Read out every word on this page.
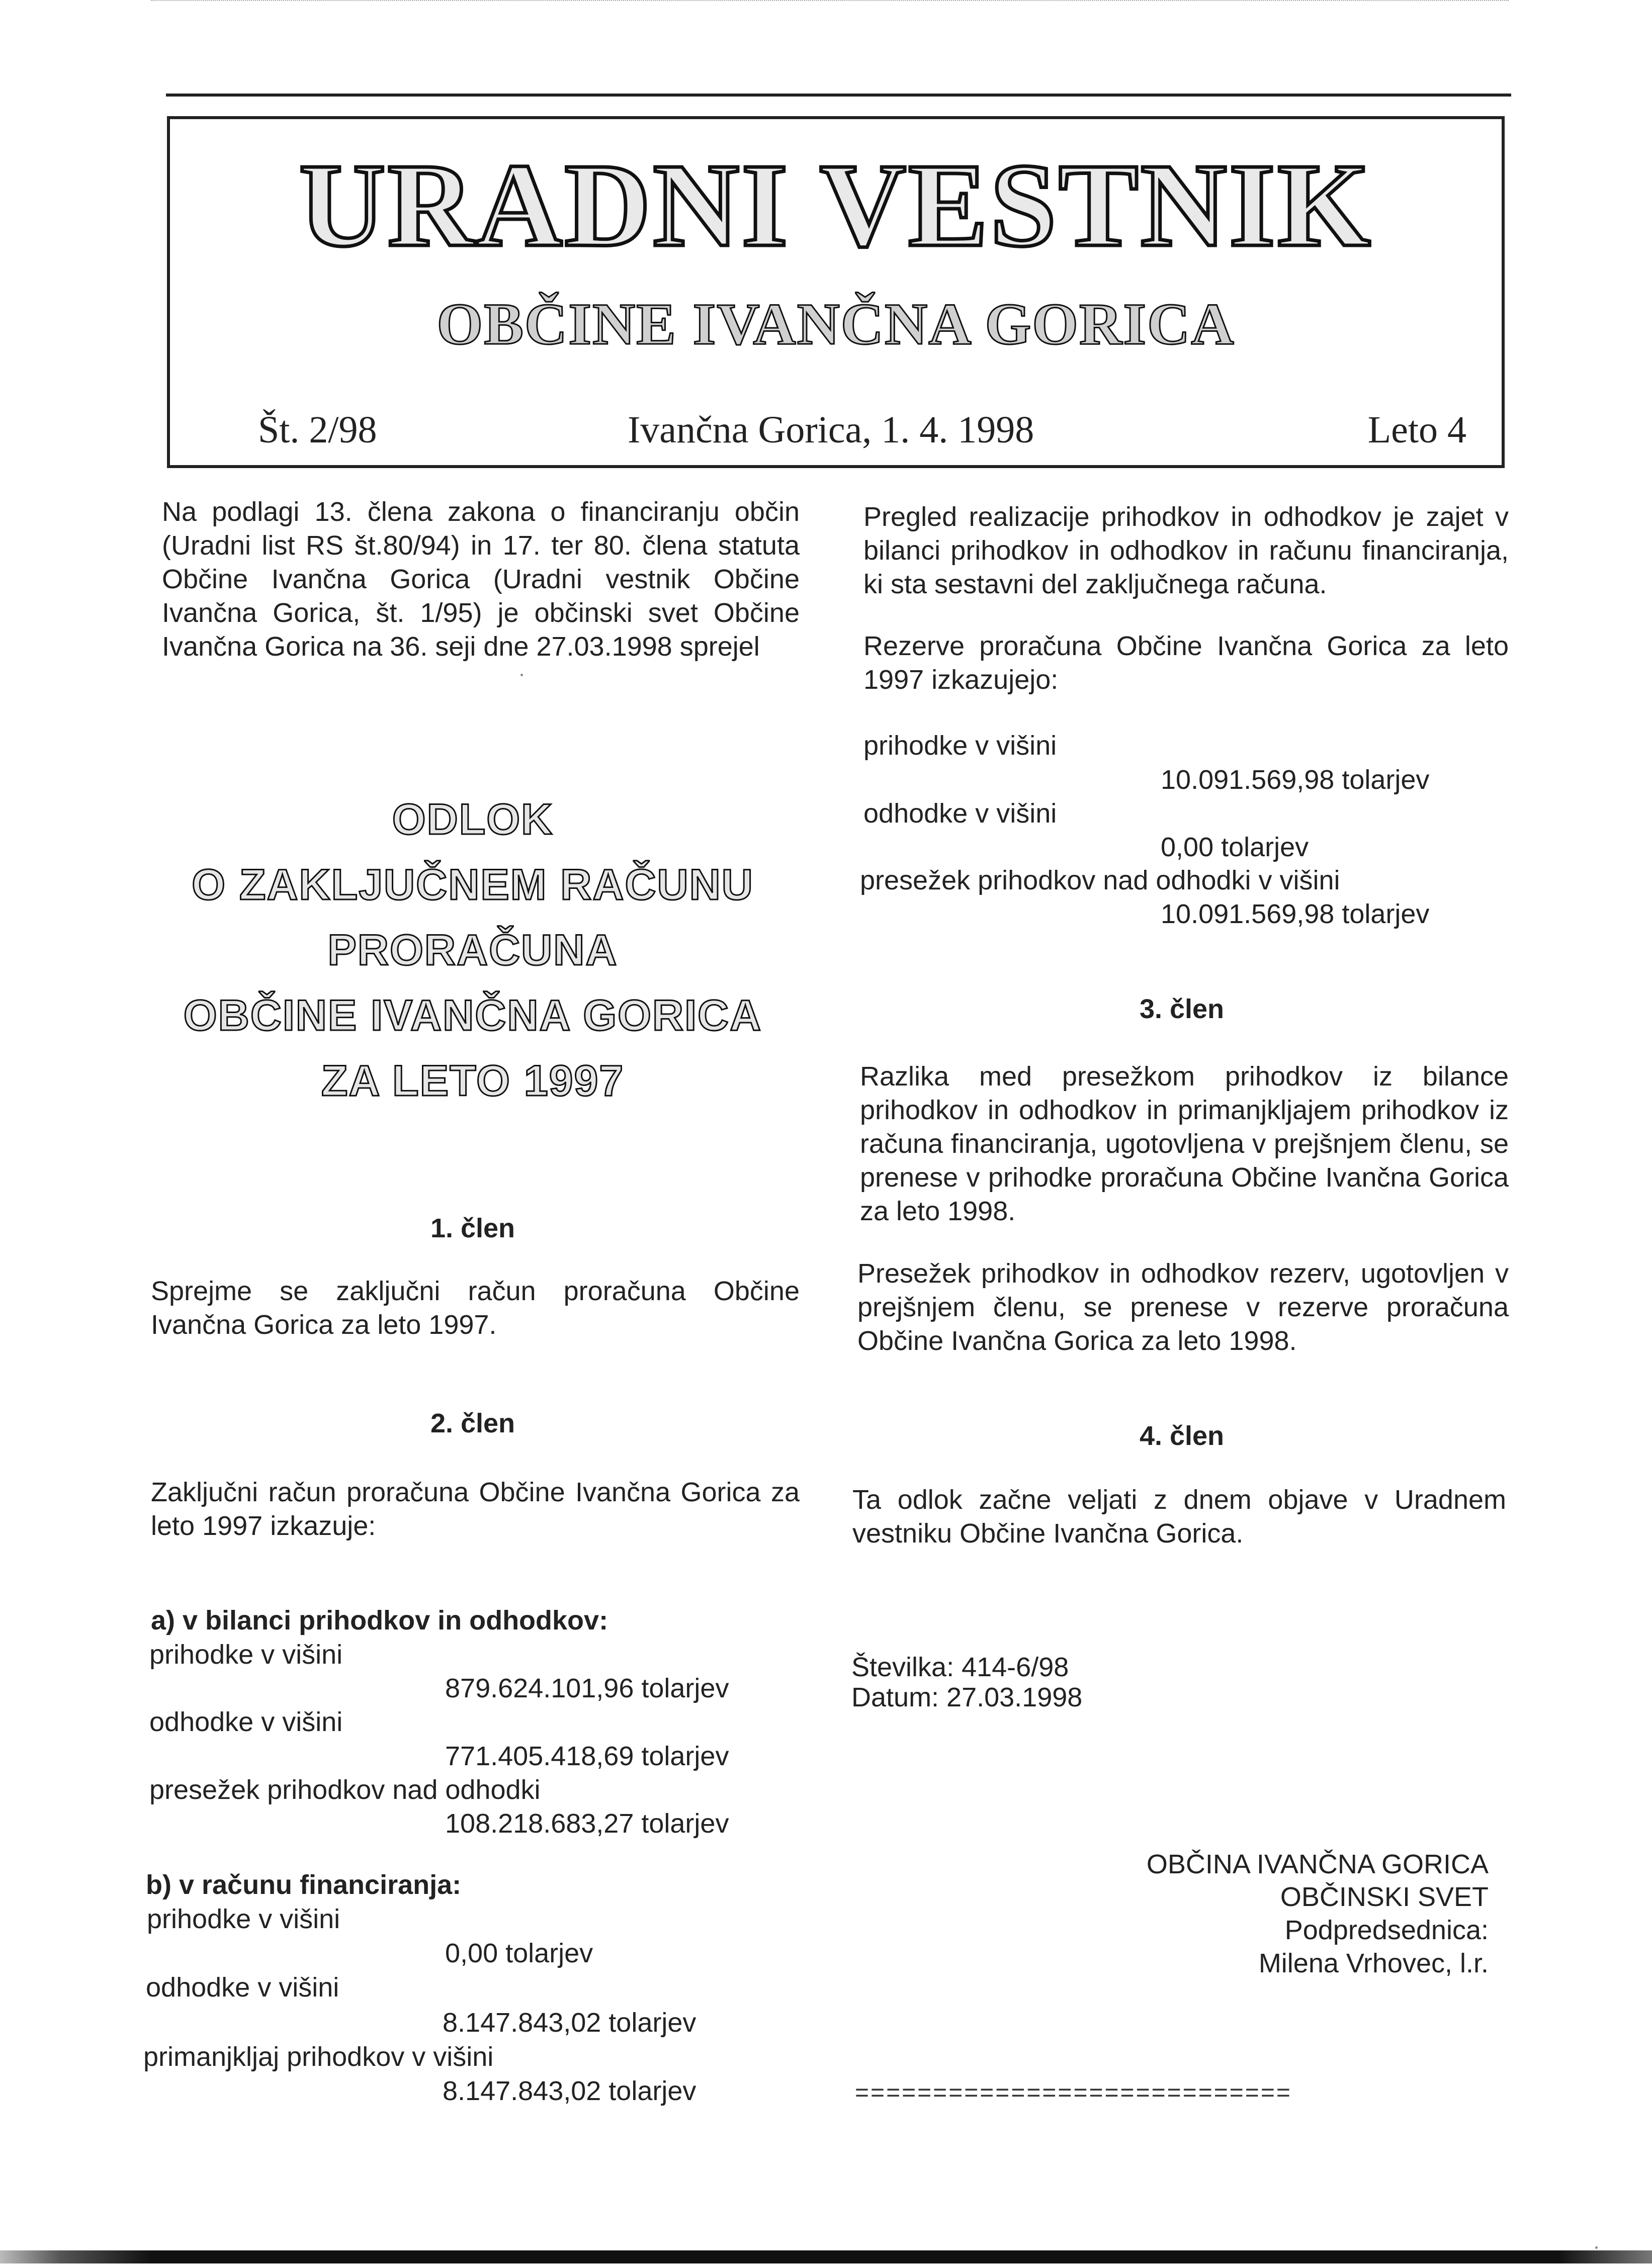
URADNI VESTNIK
OBČINE IVANČNA GORICA
Št. 2/98	Ivančna Gorica, 1. 4. 1998	Leto 4
Na podlagi 13. člena zakona o financiranju občin (Uradni list RS št.80/94) in 17. ter 80. člena statuta Občine Ivančna Gorica (Uradni vestnik Občine Ivančna Gorica, št. 1/95) je občinski svet Občine Ivančna Gorica na 36. seji dne 27.03.1998 sprejel
ODLOK
O ZAKLJUČNEM RAČUNU
PRORAČUNA
OBČINE IVANČNA GORICA
ZA LETO 1997
1. člen
Sprejme se zaključni račun proračuna Občine Ivančna Gorica za leto 1997.
2. člen
Zaključni račun proračuna Občine Ivančna Gorica za leto 1997 izkazuje:
a) v bilanci prihodkov in odhodkov:
prihodke v višini
879.624.101,96 tolarjev
odhodke v višini
771.405.418,69 tolarjev
presežek prihodkov nad odhodki
108.218.683,27 tolarjev
b) v računu financiranja:
prihodke v višini
0,00 tolarjev
odhodke v višini
8.147.843,02 tolarjev
primanjkljaj prihodkov v višini
8.147.843,02 tolarjev
Pregled realizacije prihodkov in odhodkov je zajet v bilanci prihodkov in odhodkov in računu financiranja, ki sta sestavni del zaključnega računa.
Rezerve proračuna Občine Ivančna Gorica za leto 1997 izkazujejo:
prihodke v višini
10.091.569,98 tolarjev
odhodke v višini
0,00 tolarjev
presežek prihodkov nad odhodki v višini
10.091.569,98 tolarjev
3. člen
Razlika med presežkom prihodkov iz bilance prihodkov in odhodkov in primanjkljajem prihodkov iz računa financiranja, ugotovljena v prejšnjem členu, se prenese v prihodke proračuna Občine Ivančna Gorica za leto 1998.
Presežek prihodkov in odhodkov rezerv, ugotovljen v prejšnjem členu, se prenese v rezerve proračuna Občine Ivančna Gorica za leto 1998.
4. člen
Ta odlok začne veljati z dnem objave v Uradnem vestniku Občine Ivančna Gorica.
Številka: 414-6/98
Datum: 27.03.1998
OBČINA IVANČNA GORICA
OBČINSKI SVET
Podpredsednica:
Milena Vrhovec, l.r.
============================
